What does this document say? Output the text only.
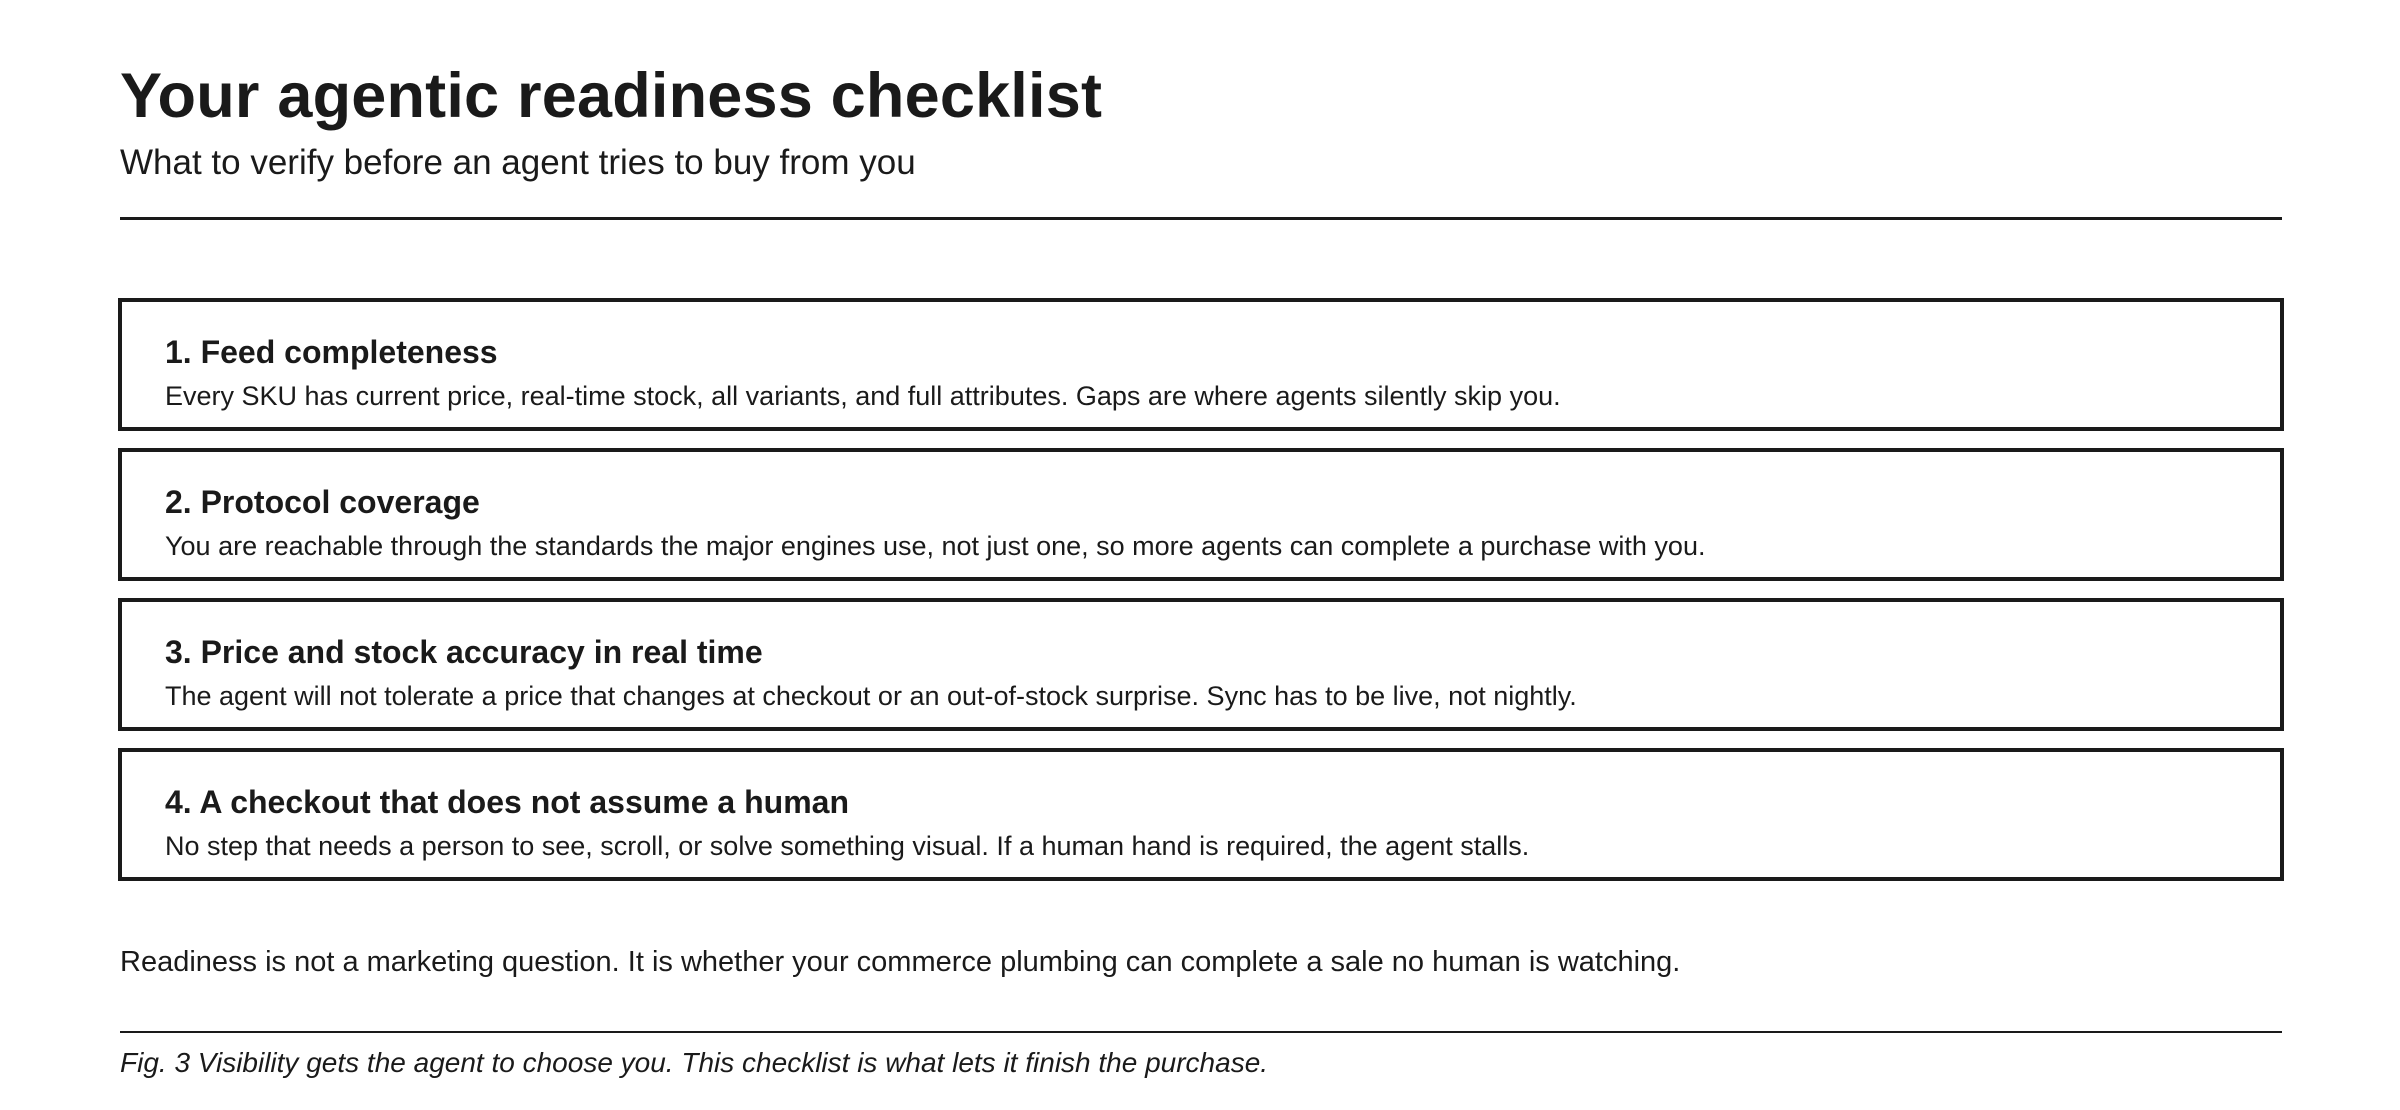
Your agentic readiness checklist

What to verify before an agent tries to buy from you

1. Feed completeness

Every SKU has current price, real-time stock, all variants, and full attributes. Gaps are where agents silently skip you.

2. Protocol coverage

You are reachable through the standards the major engines use, not just one, so more agents can complete a purchase with you.

3. Price and stock accuracy in real time

The agent will not tolerate a price that changes at checkout or an out-of-stock surprise. Sync has to be live, not nightly.

4. A checkout that does not assume a human

No step that needs a person to see, scroll, or solve something visual. If a human hand is required, the agent stalls.

Readiness is not a marketing question. It is whether your commerce plumbing can complete a sale no human is watching.

Fig. 3 Visibility gets the agent to choose you. This checklist is what lets it finish the purchase.
